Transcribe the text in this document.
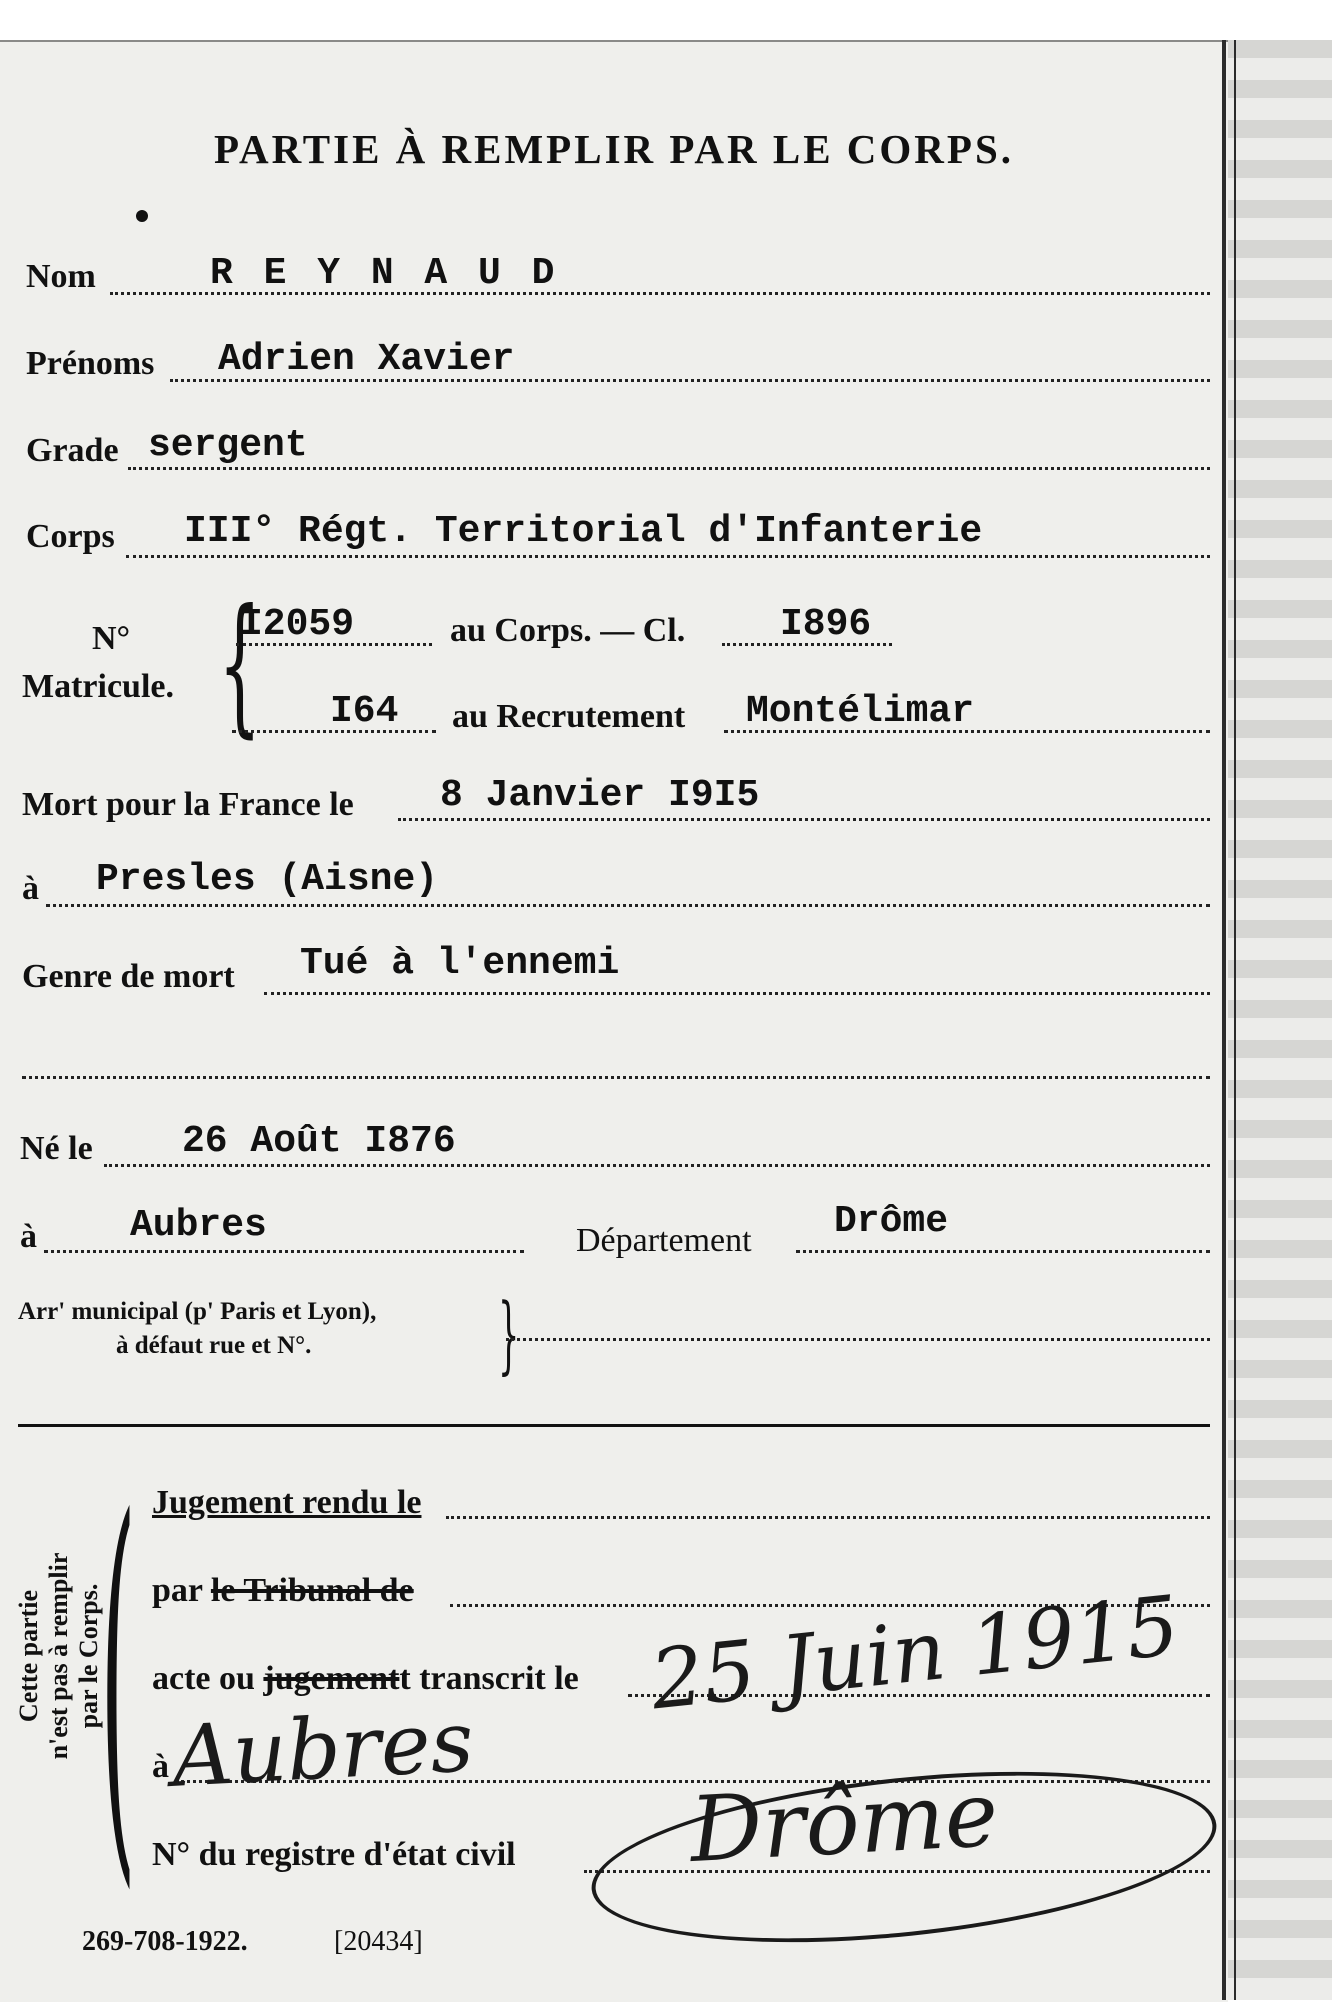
PARTIE À REMPLIR PAR LE CORPS.
Nom	R E Y N A U D
Prénoms Adrien Xavier
Grade sergent
Corps III° Régt. Territorial d'Infanterie
N°
Matricule. {
I2059	au Corps. — Cl. I896
I64 au Recrutement Montélimar
Mort pour la France le 8 Janvier I9I5
à Presles (Aisne)
Genre de mort Tué à l'ennemi
Né le 26 Août I876
à Aubres	Département Drôme
Arr' municipal (p' Paris et Lyon),
à défaut rue et N°. }
Cette partie n'est pas à remplir par le Corps.
( Jugement rendu le
par le Tribunal de
acte ou jugementt transcrit le 25 Juin 1915
à Aubres
N° du registre d'état civil Drôme
269-708-1922.	[20434]
